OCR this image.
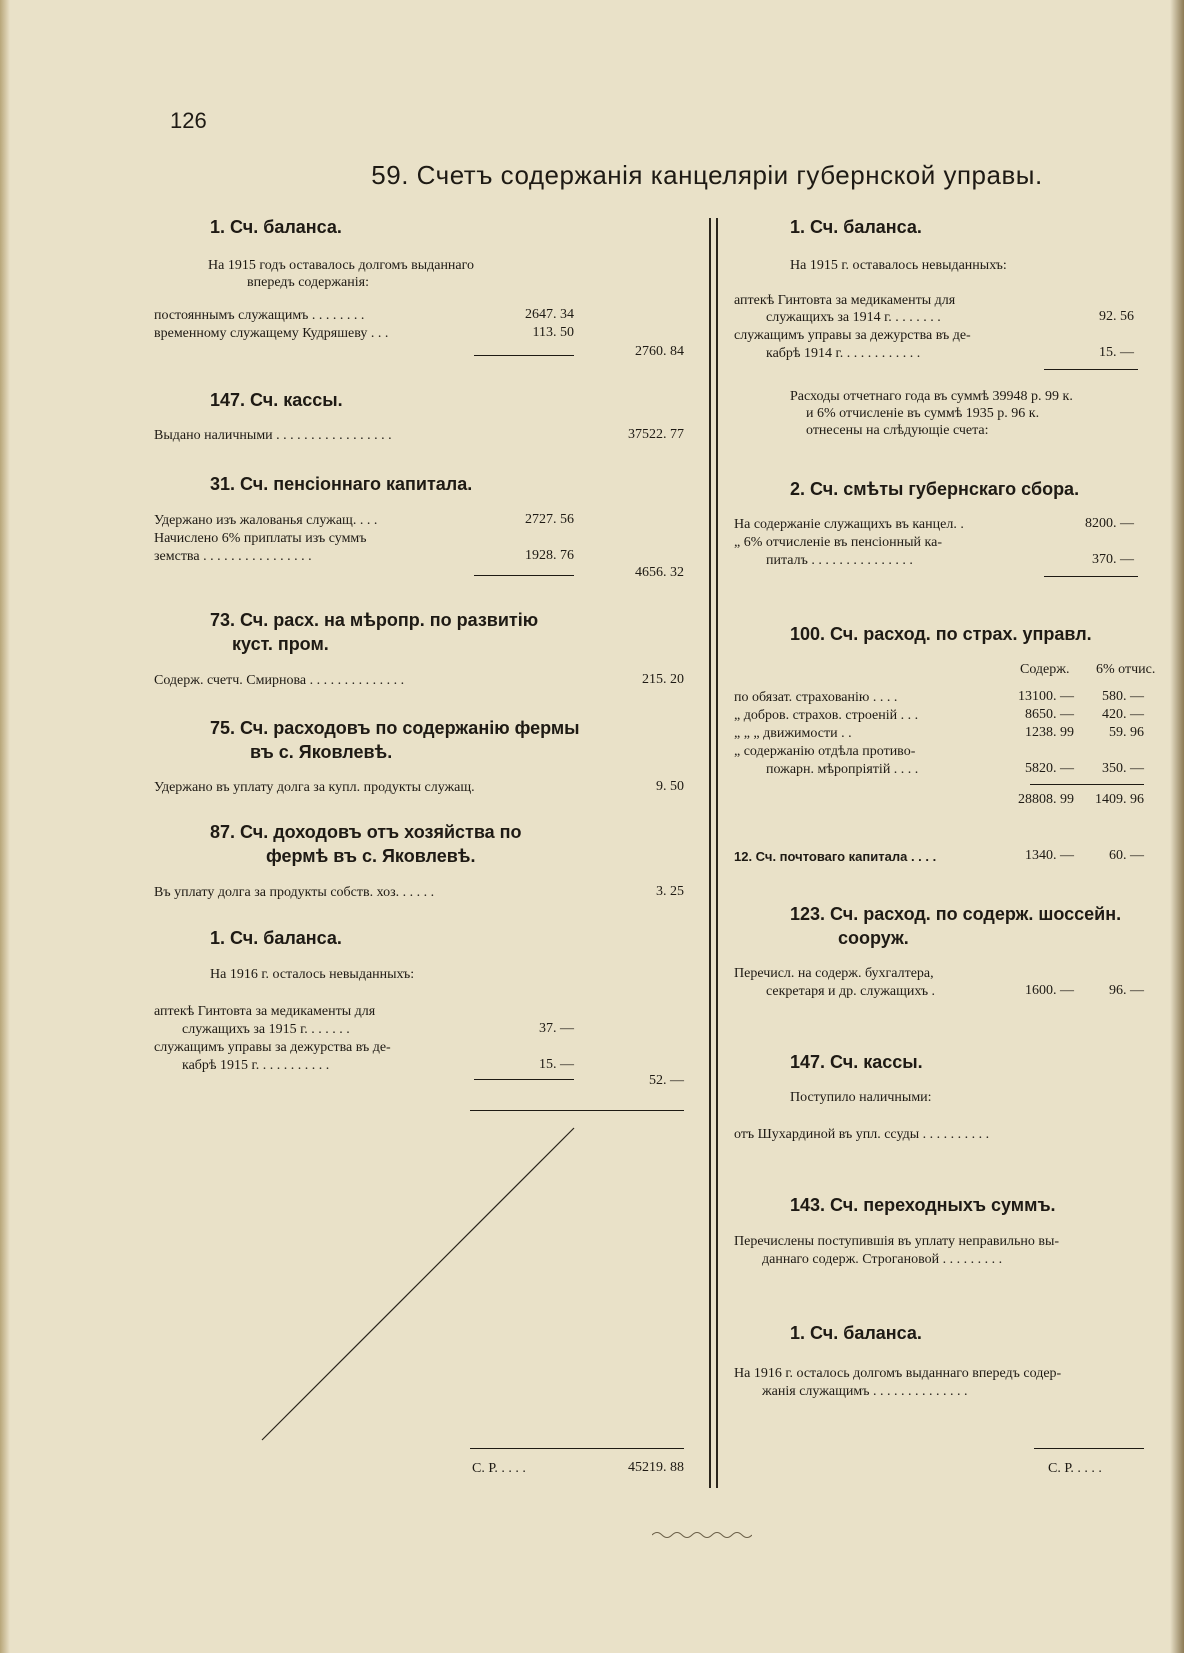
126
59. Счетъ содержанія канцеляріи губернской управы.
1. Сч. баланса.
На 1915 годъ оставалось долгомъ выданнаго
впередъ содержанія:
постояннымъ служащимъ . . . . . . . .	2647. 34
временному служащему Кудряшеву . . .	113. 50
2760. 84
147. Сч. кассы.
Выдано наличными . . . . . . . . . . . . . . . . .	37522. 77
31. Сч. пенсіоннаго капитала.
Удержано изъ жалованья служащ. . . .	2727. 56
Начислено 6% приплаты изъ суммъ
земства . . . . . . . . . . . . . . . .	1928. 76
4656. 32
73. Сч. расх. на мѣропр. по развитію
куст. пром.
Содерж. счетч. Смирнова . . . . . . . . . . . . . .	215. 20
75. Сч. расходовъ по содержанію фермы
въ с. Яковлевѣ.
Удержано въ уплату долга за купл. продукты служащ.	9. 50
87. Сч. доходовъ отъ хозяйства по
фермѣ въ с. Яковлевѣ.
Въ уплату долга за продукты собств. хоз. . . . . .	3. 25
1. Сч. баланса.
На 1916 г. осталось невыданныхъ:
аптекѣ Гинтовта за медикаменты для
служащихъ за 1915 г. . . . . . .	37. —
служащимъ управы за дежурства въ де-
кабрѣ 1915 г. . . . . . . . . . .	15. —
52. —
С. Р. . . . .	45219. 88
1. Сч. баланса.
На 1915 г. оставалось невыданныхъ:
аптекѣ Гинтовта за медикаменты для
служащихъ за 1914 г. . . . . . . .	92. 56
служащимъ управы за дежурства въ де-
кабрѣ 1914 г. . . . . . . . . . . .	15. —
Расходы отчетнаго года въ суммѣ 39948 р. 99 к.
и 6% отчисленіе въ суммѣ 1935 р. 96 к.
отнесены на слѣдующіе счета:
2. Сч. смѣты губернскаго сбора.
На содержаніе служащихъ въ канцел. .	8200. —
„ 6% отчисленіе въ пенсіонный ка-
питалъ . . . . . . . . . . . . . . .	370. —
100. Сч. расход. по страх. управл.
Содерж. 6% отчис.
по обязат. страхованію . . . .	13100. —	580. —
„ добров. страхов. строеній . . .	8650. —	420. —
„ „ „ движимости . .	1238. 99	59. 96
„ содержанію отдѣла противо-
пожарн. мѣропріятій . . . .	5820. —	350. —
28808. 99	1409. 96
12. Сч. почтоваго капитала . . . .	1340. —	60. —
123. Сч. расход. по содерж. шоссейн.
сооруж.
Перечисл. на содерж. бухгалтера,
секретаря и др. служащихъ .	1600. —	96. —
147. Сч. кассы.
Поступило наличными:
отъ Шухардиной въ упл. ссуды . . . . . . . . . .
143. Сч. переходныхъ суммъ.
Перечислены поступившія въ уплату неправильно вы-
даннаго содерж. Строгановой . . . . . . . . .
1. Сч. баланса.
На 1916 г. осталось долгомъ выданнаго впередъ содер-
жанія служащимъ . . . . . . . . . . . . . .
С. Р. . . . .
